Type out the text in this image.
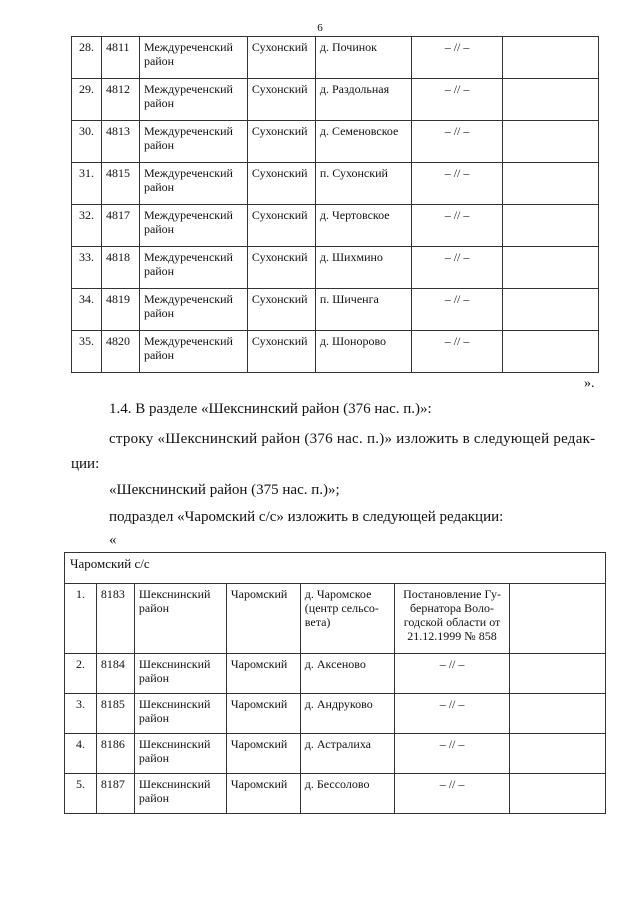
6
28.	4811	Междуреченский район	Сухонский	д. Починок	– // –	
29.	4812	Междуреченский район	Сухонский	д. Раздольная	– // –	
30.	4813	Междуреченский район	Сухонский	д. Семеновское	– // –	
31.	4815	Междуреченский район	Сухонский	п. Сухонский	– // –	
32.	4817	Междуреченский район	Сухонский	д. Чертовское	– // –	
33.	4818	Междуреченский район	Сухонский	д. Шихмино	– // –	
34.	4819	Междуреченский район	Сухонский	п. Шиченга	– // –	
35.	4820	Междуреченский район	Сухонский	д. Шонорово	– // –	
».
1.4. В разделе «Шекснинский район (376 нас. п.)»:
строку «Шекснинский район (376 нас. п.)» изложить в следующей редак-
ции:
«Шекснинский район (375 нас. п.)»;
подраздел «Чаромский с/с» изложить в следующей редакции:
«
Чаромский с/с						
1.	8183	Шекснинский район	Чаромский	д. Чаромское (центр сельсо-вета)	Постановление Гу-бернатора Воло-годской области от 21.12.1999 № 858	
2.	8184	Шекснинский район	Чаромский	д. Аксеново	– // –	
3.	8185	Шекснинский район	Чаромский	д. Андруково	– // –	
4.	8186	Шекснинский район	Чаромский	д. Астралиха	– // –	
5.	8187	Шекснинский район	Чаромский	д. Бессолово	– // –	
